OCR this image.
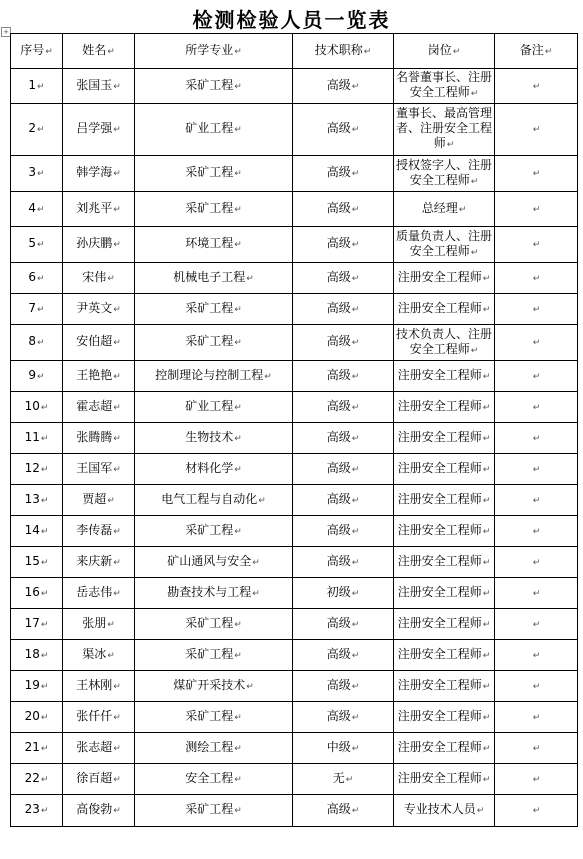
检测检验人员一览表
+
序号↵	姓名↵	所学专业↵	技术职称↵	岗位↵	备注↵
1↵	张国玉↵	采矿工程↵	高级↵	名誉董事长、注册安全工程师↵	↵
2↵	吕学强↵	矿业工程↵	高级↵	董事长、最高管理者、注册安全工程师↵	↵
3↵	韩学海↵	采矿工程↵	高级↵	授权签字人、注册安全工程师↵	↵
4↵	刘兆平↵	采矿工程↵	高级↵	总经理↵	↵
5↵	孙庆鹏↵	环境工程↵	高级↵	质量负责人、注册安全工程师↵	↵
6↵	宋伟↵	机械电子工程↵	高级↵	注册安全工程师↵	↵
7↵	尹英文↵	采矿工程↵	高级↵	注册安全工程师↵	↵
8↵	安伯超↵	采矿工程↵	高级↵	技术负责人、注册安全工程师↵	↵
9↵	王艳艳↵	控制理论与控制工程↵	高级↵	注册安全工程师↵	↵
10↵	霍志超↵	矿业工程↵	高级↵	注册安全工程师↵	↵
11↵	张腾腾↵	生物技术↵	高级↵	注册安全工程师↵	↵
12↵	王国军↵	材料化学↵	高级↵	注册安全工程师↵	↵
13↵	贾超↵	电气工程与自动化↵	高级↵	注册安全工程师↵	↵
14↵	李传磊↵	采矿工程↵	高级↵	注册安全工程师↵	↵
15↵	来庆新↵	矿山通风与安全↵	高级↵	注册安全工程师↵	↵
16↵	岳志伟↵	勘查技术与工程↵	初级↵	注册安全工程师↵	↵
17↵	张朋↵	采矿工程↵	高级↵	注册安全工程师↵	↵
18↵	渠冰↵	采矿工程↵	高级↵	注册安全工程师↵	↵
19↵	王林刚↵	煤矿开采技术↵	高级↵	注册安全工程师↵	↵
20↵	张仟仟↵	采矿工程↵	高级↵	注册安全工程师↵	↵
21↵	张志超↵	测绘工程↵	中级↵	注册安全工程师↵	↵
22↵	徐百超↵	安全工程↵	无↵	注册安全工程师↵	↵
23↵	高俊勃↵	采矿工程↵	高级↵	专业技术人员↵	↵
